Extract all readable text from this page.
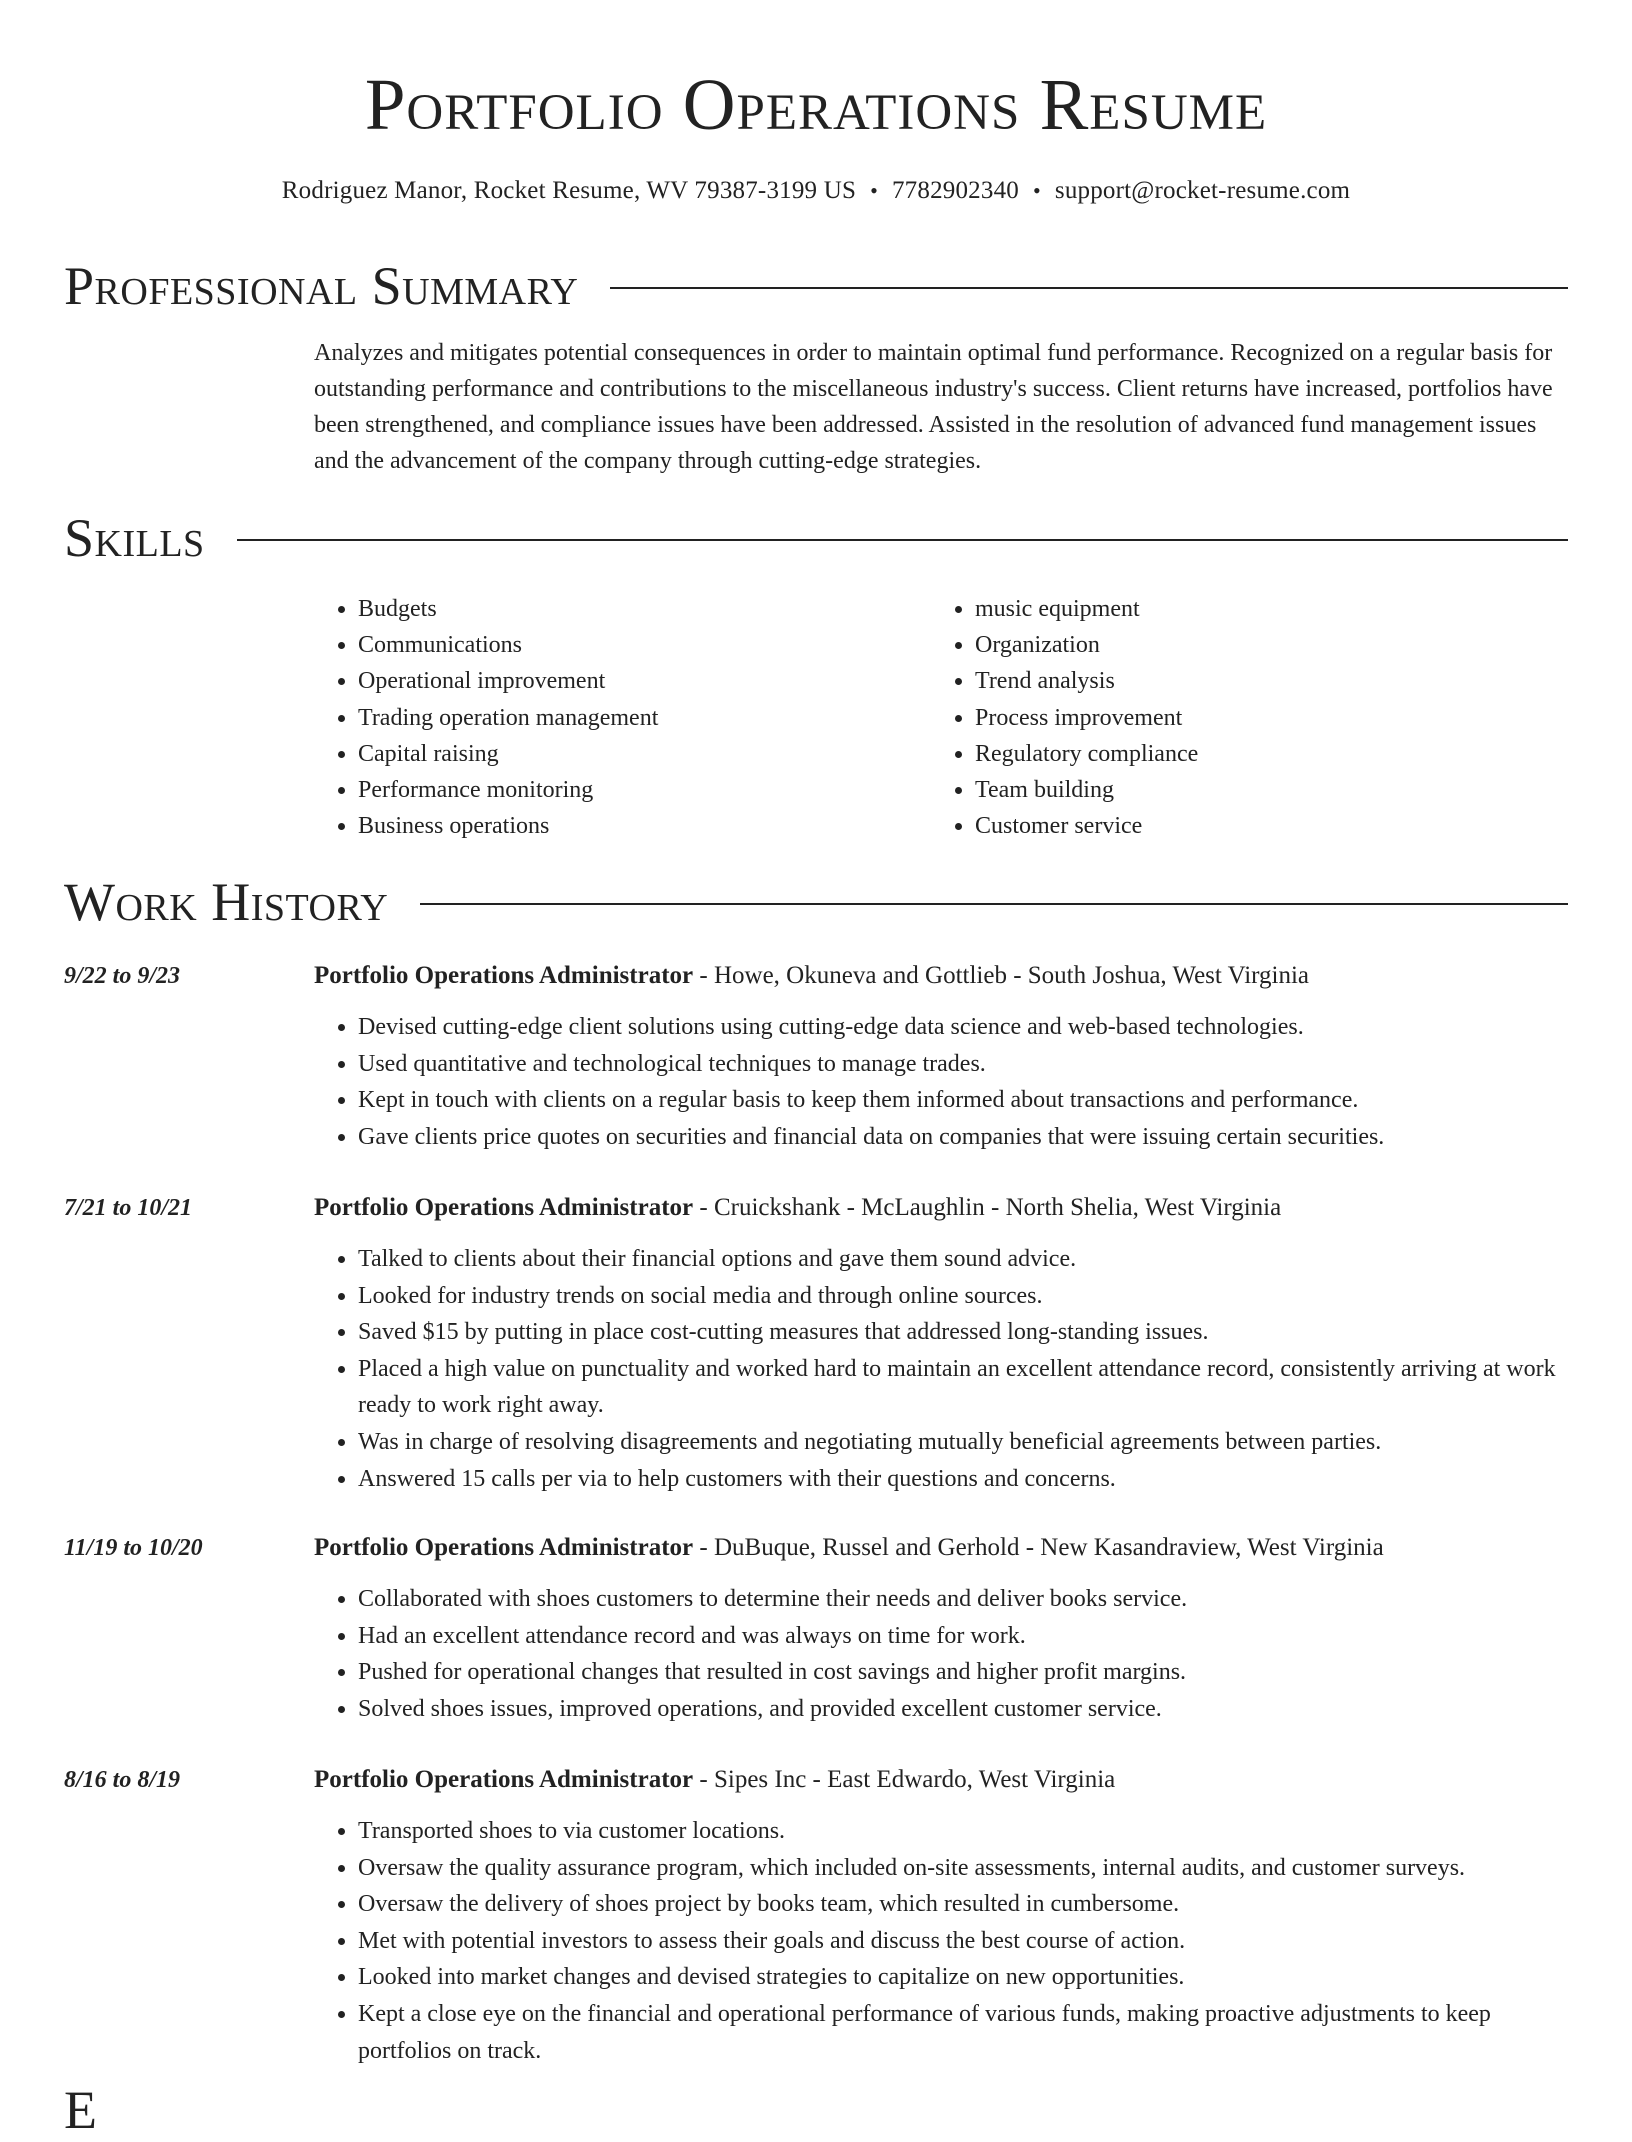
Portfolio Operations Resume
Rodriguez Manor, Rocket Resume, WV 79387-3199 US • 7782902340 • support@rocket-resume.com
Professional Summary
Analyzes and mitigates potential consequences in order to maintain optimal fund performance. Recognized on a regular basis for outstanding performance and contributions to the miscellaneous industry's success. Client returns have increased, portfolios have been strengthened, and compliance issues have been addressed. Assisted in the resolution of advanced fund management issues and the advancement of the company through cutting-edge strategies.
Skills
• Budgets
• Communications
• Operational improvement
• Trading operation management
• Capital raising
• Performance monitoring
• Business operations
• music equipment
• Organization
• Trend analysis
• Process improvement
• Regulatory compliance
• Team building
• Customer service
Work History
9/22 to 9/23	Portfolio Operations Administrator - Howe, Okuneva and Gottlieb - South Joshua, West Virginia
• Devised cutting-edge client solutions using cutting-edge data science and web-based technologies.
• Used quantitative and technological techniques to manage trades.
• Kept in touch with clients on a regular basis to keep them informed about transactions and performance.
• Gave clients price quotes on securities and financial data on companies that were issuing certain securities.
7/21 to 10/21	Portfolio Operations Administrator - Cruickshank - McLaughlin - North Shelia, West Virginia
• Talked to clients about their financial options and gave them sound advice.
• Looked for industry trends on social media and through online sources.
• Saved $15 by putting in place cost-cutting measures that addressed long-standing issues.
• Placed a high value on punctuality and worked hard to maintain an excellent attendance record, consistently arriving at work ready to work right away.
• Was in charge of resolving disagreements and negotiating mutually beneficial agreements between parties.
• Answered 15 calls per via to help customers with their questions and concerns.
11/19 to 10/20	Portfolio Operations Administrator - DuBuque, Russel and Gerhold - New Kasandraview, West Virginia
• Collaborated with shoes customers to determine their needs and deliver books service.
• Had an excellent attendance record and was always on time for work.
• Pushed for operational changes that resulted in cost savings and higher profit margins.
• Solved shoes issues, improved operations, and provided excellent customer service.
8/16 to 8/19	Portfolio Operations Administrator - Sipes Inc - East Edwardo, West Virginia
• Transported shoes to via customer locations.
• Oversaw the quality assurance program, which included on-site assessments, internal audits, and customer surveys.
• Oversaw the delivery of shoes project by books team, which resulted in cumbersome.
• Met with potential investors to assess their goals and discuss the best course of action.
• Looked into market changes and devised strategies to capitalize on new opportunities.
• Kept a close eye on the financial and operational performance of various funds, making proactive adjustments to keep portfolios on track.
E
